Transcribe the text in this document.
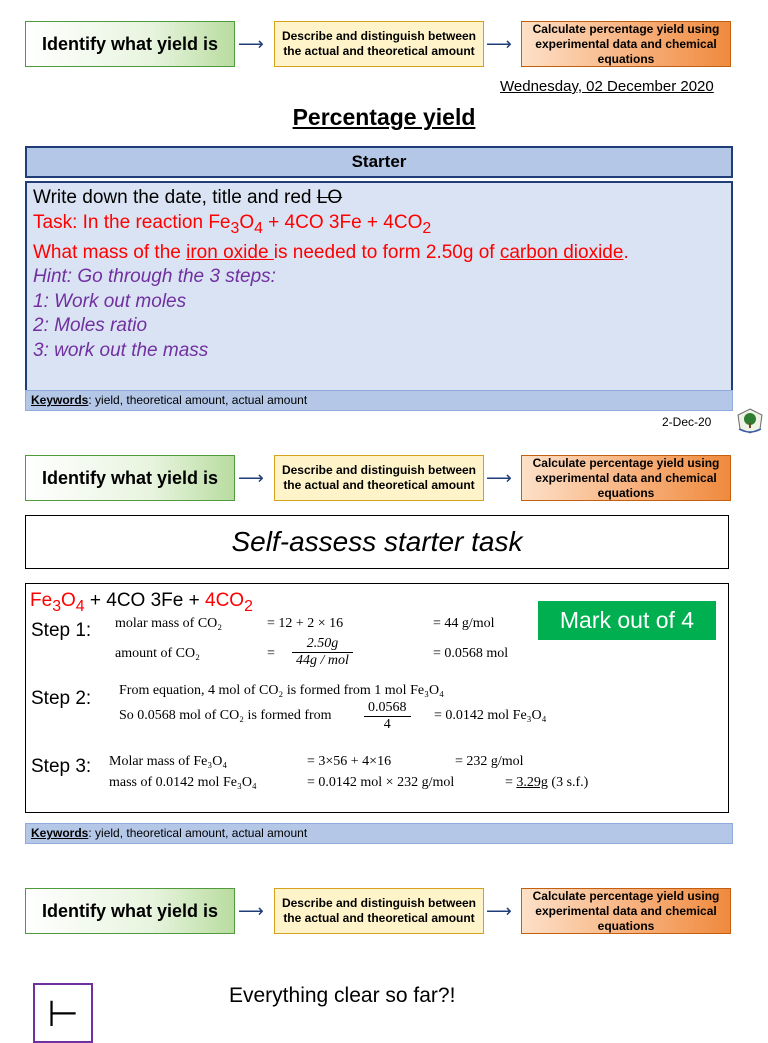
Identify what yield is	⟶	Describe and distinguish between the actual and theoretical amount ⟶
Calculate percentage yield using experimental data and chemical equations
Wednesday, 02 December 2020
Percentage yield
Starter
Write down the date, title and red LO
Task: In the reaction $Fe_3O_4 + 4CO$ $3Fe + 4CO_2$
What mass of the iron oxide is needed to form 2.50g of carbon dioxide.
Hint: Go through the 3 steps:
1: Work out moles
2: Moles ratio
3: work out the mass
Keywords: yield, theoretical amount, actual amount
2-Dec-20
Identify what yield is	⟶	Describe and distinguish between the actual and theoretical amount ⟶
Calculate percentage yield using experimental data and chemical equations
Self-assess starter task
$Fe_3O_4 + 4CO$ $3Fe + 4CO_2$
Mark out of 4
Step 1: molar mass of CO₂	= 12 + 2 × 16	= 44 g/mol
amount of CO₂	= $\frac{2.50g}{\text{44g / mol}}$	= 0.0568 mol
Step 2: From equation, 4 mol of CO₂ is formed from 1 mol Fe₃O₄
So 0.0568 mol of CO₂ is formed from $\frac{0.0568}{4} = 0.0142$ mol Fe₃O₄
Step 3: Molar mass of Fe₃O₄	= 3×56 + 4×16	= 232 g/mol
mass of 0.0142 mol Fe₃O₄	= 0.0142 mol × 232 g/mol	= 3.29g (3 s.f.)
Keywords: yield, theoretical amount, actual amount
Identify what yield is	⟶	Describe and distinguish between the actual and theoretical amount ⟶
Calculate percentage yield using experimental data and chemical equations
⊢	Everything clear so far?!
